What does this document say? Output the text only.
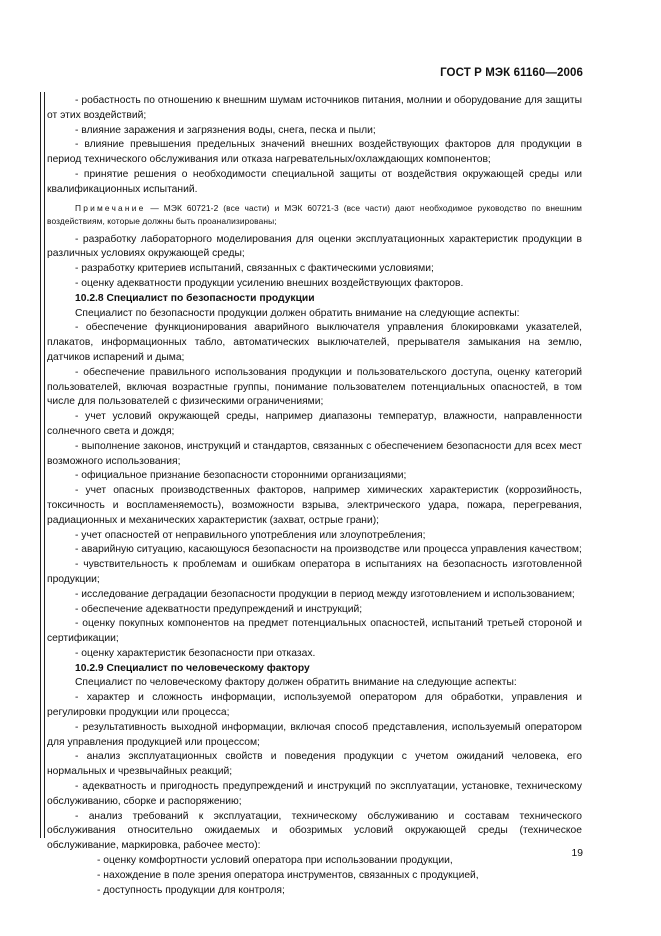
ГОСТ Р МЭК 61160—2006

- робастность по отношению к внешним шумам источников питания, молнии и оборудование для защиты от этих воздействий;

- влияние заражения и загрязнения воды, снега, песка и пыли;

- влияние превышения предельных значений внешних воздействующих факторов для продукции в период технического обслуживания или отказа нагревательных/охлаждающих компонентов;

- принятие решения о необходимости специальной защиты от воздействия окружающей среды или квалификационных испытаний.

Примечание — МЭК 60721-2 (все части) и МЭК 60721-3 (все части) дают необходимое руководство по внешним воздействиям, которые должны быть проанализированы;

- разработку лабораторного моделирования для оценки эксплуатационных характеристик продукции в различных условиях окружающей среды;

- разработку критериев испытаний, связанных с фактическими условиями;

- оценку адекватности продукции усилению внешних воздействующих факторов.

10.2.8 Специалист по безопасности продукции

Специалист по безопасности продукции должен обратить внимание на следующие аспекты:

- обеспечение функционирования аварийного выключателя управления блокировками указателей, плакатов, информационных табло, автоматических выключателей, прерывателя замыкания на землю, датчиков испарений и дыма;

- обеспечение правильного использования продукции и пользовательского доступа, оценку категорий пользователей, включая возрастные группы, понимание пользователем потенциальных опасностей, в том числе для пользователей с физическими ограничениями;

- учет условий окружающей среды, например диапазоны температур, влажности, направленности солнечного света и дождя;

- выполнение законов, инструкций и стандартов, связанных с обеспечением безопасности для всех мест возможного использования;

- официальное признание безопасности сторонними организациями;

- учет опасных производственных факторов, например химических характеристик (коррозийность, токсичность и воспламеняемость), возможности взрыва, электрического удара, пожара, перегревания, радиационных и механических характеристик (захват, острые грани);

- учет опасностей от неправильного употребления или злоупотребления;

- аварийную ситуацию, касающуюся безопасности на производстве или процесса управления качеством;

- чувствительность к проблемам и ошибкам оператора в испытаниях на безопасность изготовленной продукции;

- исследование деградации безопасности продукции в период между изготовлением и использованием;

- обеспечение адекватности предупреждений и инструкций;

- оценку покупных компонентов на предмет потенциальных опасностей, испытаний третьей стороной и сертификации;

- оценку характеристик безопасности при отказах.

10.2.9 Специалист по человеческому фактору

Специалист по человеческому фактору должен обратить внимание на следующие аспекты:

- характер и сложность информации, используемой оператором для обработки, управления и регулировки продукции или процесса;

- результативность выходной информации, включая способ представления, используемый оператором для управления продукцией или процессом;

- анализ эксплуатационных свойств и поведения продукции с учетом ожиданий человека, его нормальных и чрезвычайных реакций;

- адекватность и пригодность предупреждений и инструкций по эксплуатации, установке, техническому обслуживанию, сборке и распоряжению;

- анализ требований к эксплуатации, техническому обслуживанию и составам технического обслуживания относительно ожидаемых и обозримых условий окружающей среды (техническое обслуживание, маркировка, рабочее место):

- оценку комфортности условий оператора при использовании продукции,

- нахождение в поле зрения оператора инструментов, связанных с продукцией,

- доступность продукции для контроля;

19
